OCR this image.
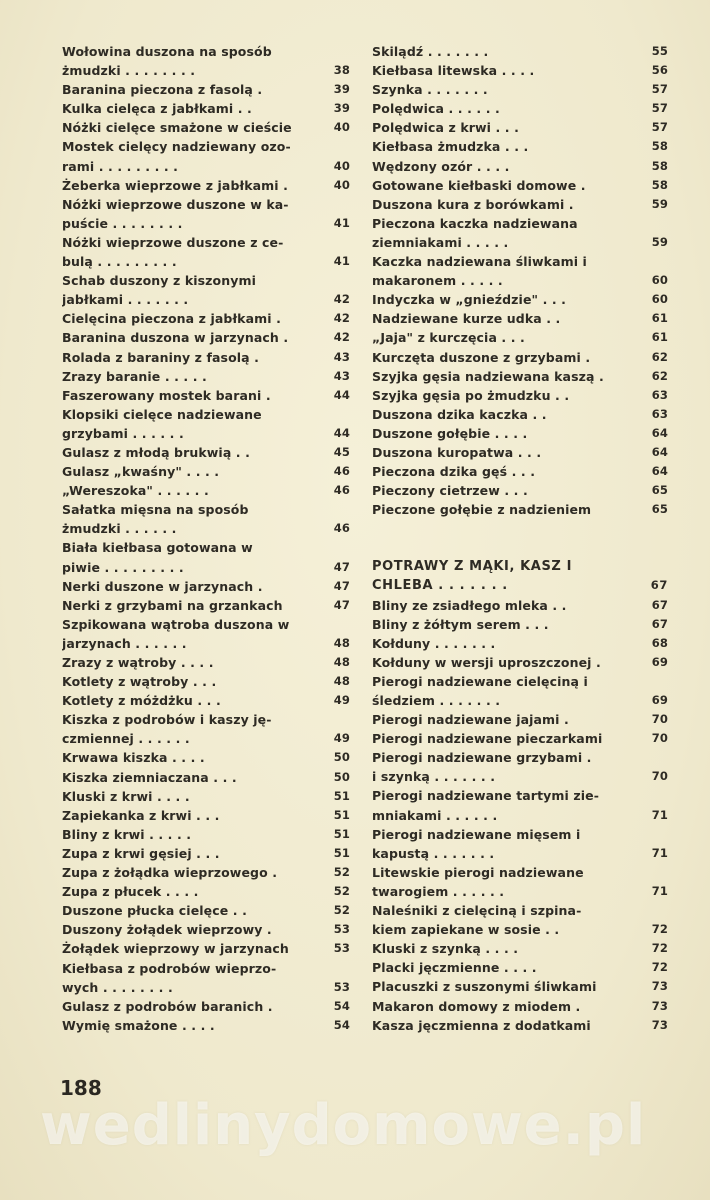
Wołowina duszona na sposób
żmudzki . . . . . . . .	38
Baranina pieczona z fasolą .	39
Kulka cielęca z jabłkami . .	39
Nóżki cielęce smażone w cieście	40
Mostek cielęcy nadziewany ozo-
rami . . . . . . . . .	40
Żeberka wieprzowe z jabłkami .	40
Nóżki wieprzowe duszone w ka-
puście . . . . . . . .	41
Nóżki wieprzowe duszone z ce-
bulą . . . . . . . . .	41
Schab duszony z kiszonymi
jabłkami . . . . . . .	42
Cielęcina pieczona z jabłkami .	42
Baranina duszona w jarzynach .	42
Rolada z baraniny z fasolą .	43
Zrazy baranie . . . . .	43
Faszerowany mostek barani .	44
Klopsiki cielęce nadziewane
grzybami . . . . . .	44
Gulasz z młodą brukwią . .	45
Gulasz „kwaśny" . . . .	46
„Wereszoka" . . . . . .	46
Sałatka mięsna na sposób
żmudzki . . . . . .	46
Biała kiełbasa gotowana w
piwie . . . . . . . . .	47
Nerki duszone w jarzynach .	47
Nerki z grzybami na grzankach	47
Szpikowana wątroba duszona w
jarzynach . . . . . .	48
Zrazy z wątroby . . . .	48
Kotlety z wątroby . . .	48
Kotlety z móżdżku . . .	49
Kiszka z podrobów i kaszy ję-
czmiennej . . . . . .	49
Krwawa kiszka . . . .	50
Kiszka ziemniaczana . . .	50
Kluski z krwi . . . .	51
Zapiekanka z krwi . . .	51
Bliny z krwi . . . . .	51
Zupa z krwi gęsiej . . .	51
Zupa z żołądka wieprzowego .	52
Zupa z płucek . . . .	52
Duszone płucka cielęce . .	52
Duszony żołądek wieprzowy .	53
Żołądek wieprzowy w jarzynach	53
Kiełbasa z podrobów wieprzo-
wych . . . . . . . .	53
Gulasz z podrobów baranich .	54
Wymię smażone . . . .	54
Skilądź . . . . . . .	55
Kiełbasa litewska . . . .	56
Szynka . . . . . . .	57
Polędwica . . . . . .	57
Polędwica z krwi . . .	57
Kiełbasa żmudzka . . .	58
Wędzony ozór . . . .	58
Gotowane kiełbaski domowe .	58
Duszona kura z borówkami .	59
Pieczona kaczka nadziewana
ziemniakami . . . . .	59
Kaczka nadziewana śliwkami i
makaronem . . . . .	60
Indyczka w „gnieździe" . . .	60
Nadziewane kurze udka . .	61
„Jaja" z kurczęcia . . .	61
Kurczęta duszone z grzybami .	62
Szyjka gęsia nadziewana kaszą .	62
Szyjka gęsia po żmudzku . .	63
Duszona dzika kaczka . .	63
Duszone gołębie . . . .	64
Duszona kuropatwa . . .	64
Pieczona dzika gęś . . .	64
Pieczony cietrzew . . .	65
Pieczone gołębie z nadzieniem	65
POTRAWY Z MĄKI, KASZ I
CHLEBA . . . . . . .	67
Bliny ze zsiadłego mleka . .	67
Bliny z żółtym serem . . .	67
Kołduny . . . . . . .	68
Kołduny w wersji uproszczonej .	69
Pierogi nadziewane cielęciną i
śledziem . . . . . . .	69
Pierogi nadziewane jajami .	70
Pierogi nadziewane pieczarkami	70
Pierogi nadziewane grzybami .
i szynką . . . . . . .	70
Pierogi nadziewane tartymi zie-
mniakami . . . . . .	71
Pierogi nadziewane mięsem i
kapustą . . . . . . .	71
Litewskie pierogi nadziewane
twarogiem . . . . . .	71
Naleśniki z cielęciną i szpina-
kiem zapiekane w sosie . .	72
Kluski z szynką . . . .	72
Placki jęczmienne . . . .	72
Placuszki z suszonymi śliwkami	73
Makaron domowy z miodem .	73
Kasza jęczmienna z dodatkami	73
188
wedlinydomowe.pl
